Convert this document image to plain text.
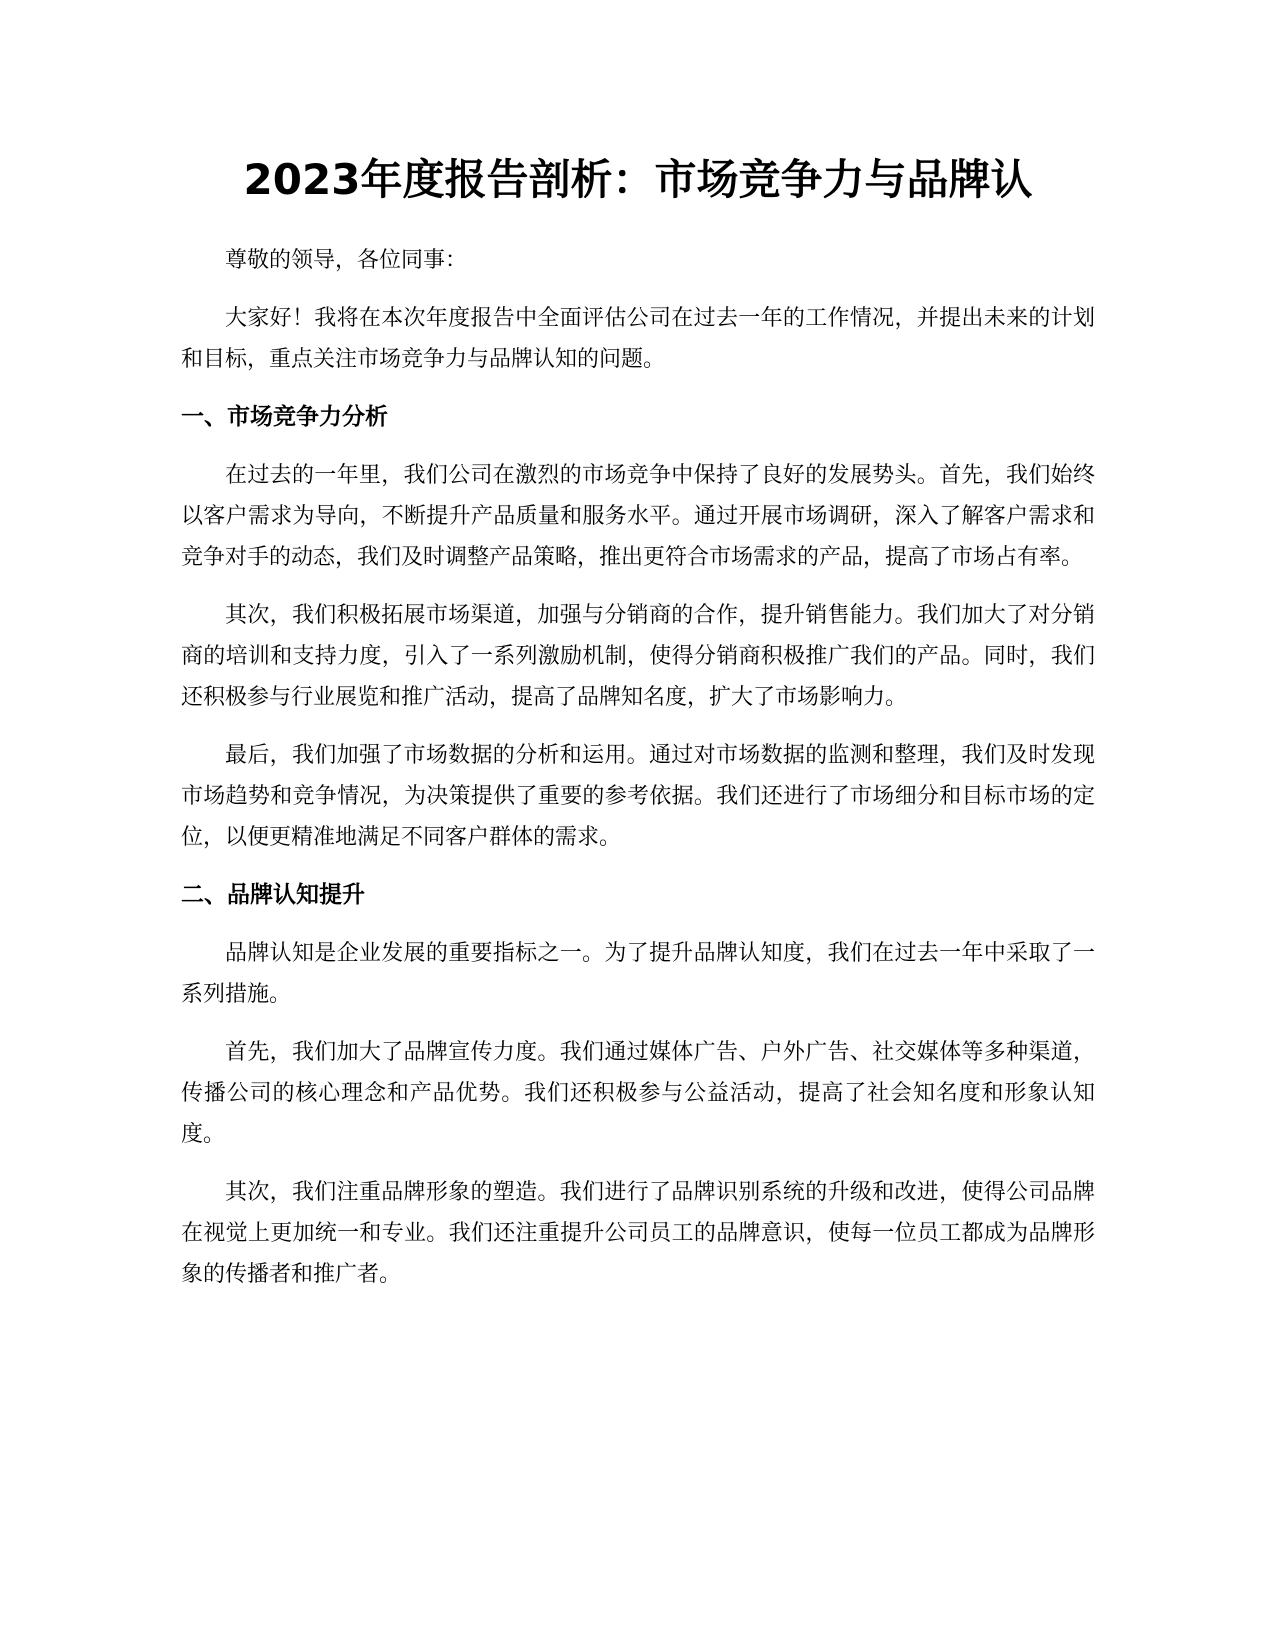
2023年度报告剖析：市场竞争力与品牌认

尊敬的领导，各位同事：

大家好！我将在本次年度报告中全面评估公司在过去一年的工作情况，并提出未来的计划和目标，重点关注市场竞争力与品牌认知的问题。

一、市场竞争力分析

在过去的一年里，我们公司在激烈的市场竞争中保持了良好的发展势头。首先，我们始终以客户需求为导向，不断提升产品质量和服务水平。通过开展市场调研，深入了解客户需求和竞争对手的动态，我们及时调整产品策略，推出更符合市场需求的产品，提高了市场占有率。

其次，我们积极拓展市场渠道，加强与分销商的合作，提升销售能力。我们加大了对分销商的培训和支持力度，引入了一系列激励机制，使得分销商积极推广我们的产品。同时，我们还积极参与行业展览和推广活动，提高了品牌知名度，扩大了市场影响力。

最后，我们加强了市场数据的分析和运用。通过对市场数据的监测和整理，我们及时发现市场趋势和竞争情况，为决策提供了重要的参考依据。我们还进行了市场细分和目标市场的定位，以便更精准地满足不同客户群体的需求。

二、品牌认知提升

品牌认知是企业发展的重要指标之一。为了提升品牌认知度，我们在过去一年中采取了一系列措施。

首先，我们加大了品牌宣传力度。我们通过媒体广告、户外广告、社交媒体等多种渠道，传播公司的核心理念和产品优势。我们还积极参与公益活动，提高了社会知名度和形象认知度。

其次，我们注重品牌形象的塑造。我们进行了品牌识别系统的升级和改进，使得公司品牌在视觉上更加统一和专业。我们还注重提升公司员工的品牌意识，使每一位员工都成为品牌形象的传播者和推广者。
